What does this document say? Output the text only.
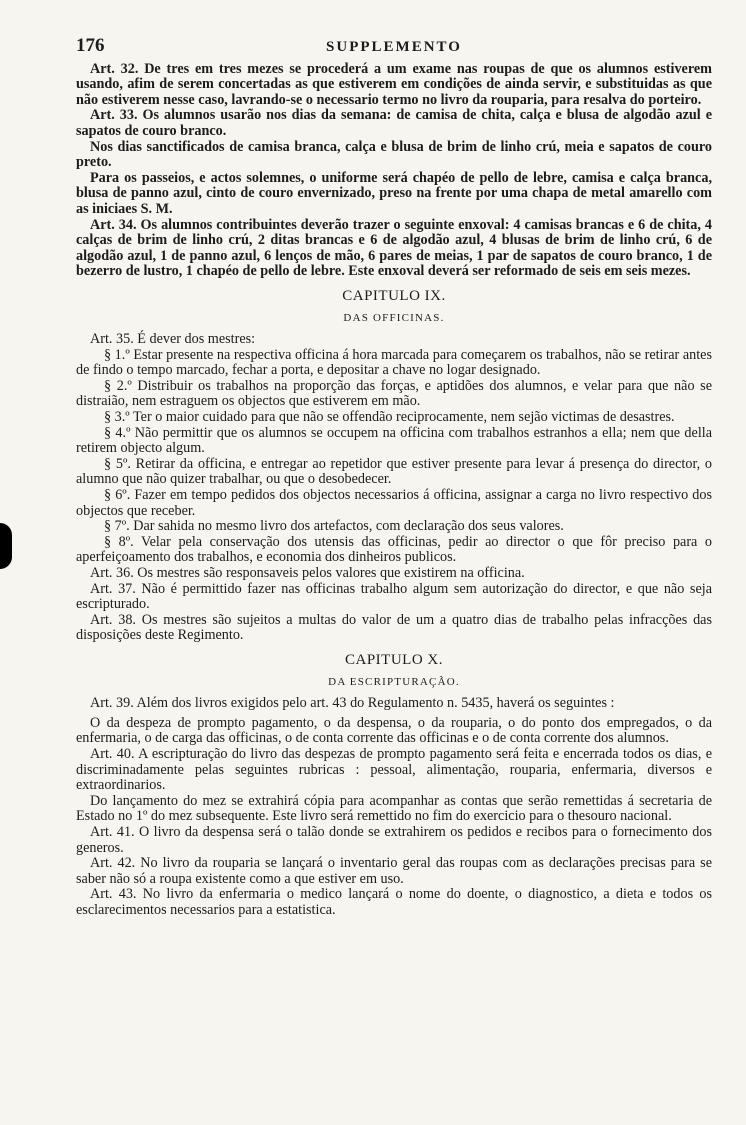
176	SUPPLEMENTO

Art. 32. De tres em tres mezes se procederá a um exame nas roupas de que os alumnos estiverem usando, afim de serem concertadas as que estiverem em condições de ainda servir, e substituidas as que não estiverem nesse caso, lavrando-se o necessario termo no livro da rouparia, para resalva do porteiro.

Art. 33. Os alumnos usarão nos dias da semana: de camisa de chita, calça e blusa de algodão azul e sapatos de couro branco.

Nos dias sanctificados de camisa branca, calça e blusa de brim de linho crú, meia e sapatos de couro preto.

Para os passeios, e actos solemnes, o uniforme será chapéo de pello de lebre, camisa e calça branca, blusa de panno azul, cinto de couro envernizado, preso na frente por uma chapa de metal amarello com as iniciaes S. M.

Art. 34. Os alumnos contribuintes deverão trazer o seguinte enxoval: 4 camisas brancas e 6 de chita, 4 calças de brim de linho crú, 2 ditas brancas e 6 de algodão azul, 4 blusas de brim de linho crú, 6 de algodão azul, 1 de panno azul, 6 lenços de mão, 6 pares de meias, 1 par de sapatos de couro branco, 1 de bezerro de lustro, 1 chapéo de pello de lebre. Este enxoval deverá ser reformado de seis em seis mezes.

CAPITULO IX.
DAS OFFICINAS.

Art. 35. É dever dos mestres:

§ 1.º Estar presente na respectiva officina á hora marcada para começarem os trabalhos, não se retirar antes de findo o tempo marcado, fechar a porta, e depositar a chave no logar designado.

§ 2.º Distribuir os trabalhos na proporção das forças, e aptidões dos alumnos, e velar para que não se distraião, nem estraguem os objectos que estiverem em mão.

§ 3.º Ter o maior cuidado para que não se offendão reciprocamente, nem sejão victimas de desastres.

§ 4.º Não permittir que os alumnos se occupem na officina com trabalhos estranhos a ella; nem que della retirem objecto algum.

§ 5º. Retirar da officina, e entregar ao repetidor que estiver presente para levar á presença do director, o alumno que não quizer trabalhar, ou que o desobedecer.

§ 6º. Fazer em tempo pedidos dos objectos necessarios á officina, assignar a carga no livro respectivo dos objectos que receber.

§ 7º. Dar sahida no mesmo livro dos artefactos, com declaração dos seus valores.

§ 8º. Velar pela conservação dos utensis das officinas, pedir ao director o que fôr preciso para o aperfeiçoamento dos trabalhos, e economia dos dinheiros publicos.

Art. 36. Os mestres são responsaveis pelos valores que existirem na officina.

Art. 37. Não é permittido fazer nas officinas trabalho algum sem autorização do director, e que não seja escripturado.

Art. 38. Os mestres são sujeitos a multas do valor de um a quatro dias de trabalho pelas infracções das disposições deste Regimento.

CAPITULO X.
DA ESCRIPTURAÇÃO.

Art. 39. Além dos livros exigidos pelo art. 43 do Regulamento n. 5435, haverá os seguintes :

O da despeza de prompto pagamento, o da despensa, o da rouparia, o do ponto dos empregados, o da enfermaria, o de carga das officinas, o de conta corrente das officinas e o de conta corrente dos alumnos.

Art. 40. A escripturação do livro das despezas de prompto pagamento será feita e encerrada todos os dias, e discriminadamente pelas seguintes rubricas : pessoal, alimentação, rouparia, enfermaria, diversos e extraordinarios.

Do lançamento do mez se extrahirá cópia para acompanhar as contas que serão remettidas á secretaria de Estado no 1º do mez subsequente. Este livro será remettido no fim do exercicio para o thesouro nacional.

Art. 41. O livro da despensa será o talão donde se extrahirem os pedidos e recibos para o fornecimento dos generos.

Art. 42. No livro da rouparia se lançará o inventario geral das roupas com as declarações precisas para se saber não só a roupa existente como a que estiver em uso.

Art. 43. No livro da enfermaria o medico lançará o nome do doente, o diagnostico, a dieta e todos os esclarecimentos necessarios para a estatistica.
